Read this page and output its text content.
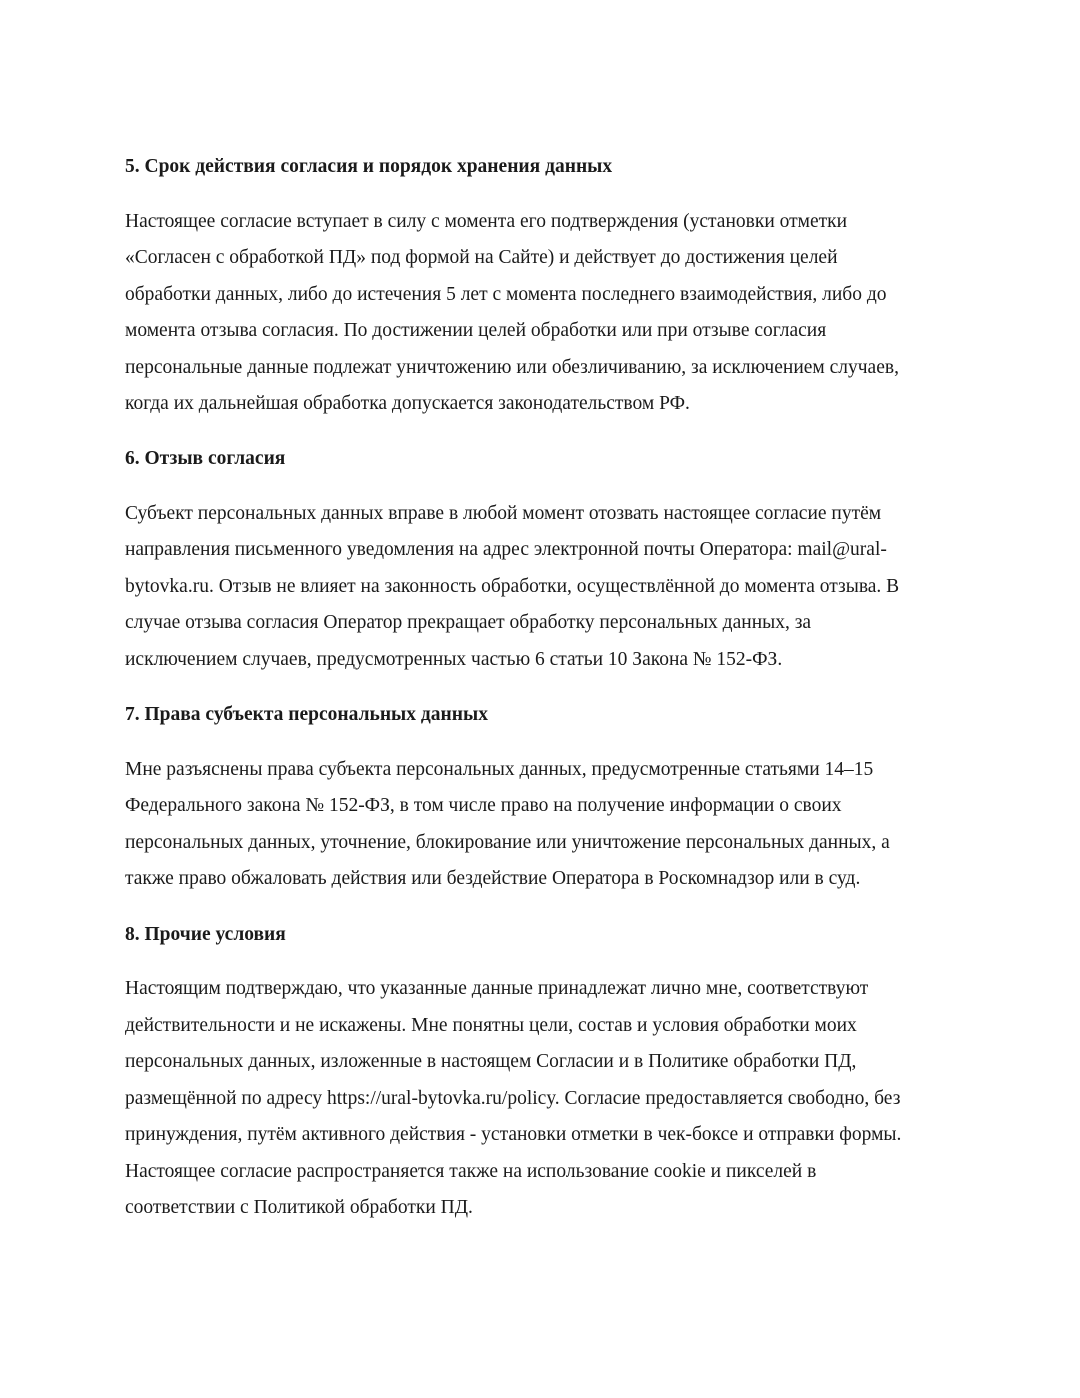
5. Срок действия согласия и порядок хранения данных

Настоящее согласие вступает в силу с момента его подтверждения (установки отметки

«Согласен с обработкой ПД» под формой на Сайте) и действует до достижения целей

обработки данных, либо до истечения 5 лет с момента последнего взаимодействия, либо до

момента отзыва согласия. По достижении целей обработки или при отзыве согласия

персональные данные подлежат уничтожению или обезличиванию, за исключением случаев,

когда их дальнейшая обработка допускается законодательством РФ.

6. Отзыв согласия

Субъект персональных данных вправе в любой момент отозвать настоящее согласие путём

направления письменного уведомления на адрес электронной почты Оператора: mail@ural-

bytovka.ru. Отзыв не влияет на законность обработки, осуществлённой до момента отзыва. В

случае отзыва согласия Оператор прекращает обработку персональных данных, за

исключением случаев, предусмотренных частью 6 статьи 10 Закона № 152-ФЗ.

7. Права субъекта персональных данных

Мне разъяснены права субъекта персональных данных, предусмотренные статьями 14–15

Федерального закона № 152-ФЗ, в том числе право на получение информации о своих

персональных данных, уточнение, блокирование или уничтожение персональных данных, а

также право обжаловать действия или бездействие Оператора в Роскомнадзор или в суд.

8. Прочие условия

Настоящим подтверждаю, что указанные данные принадлежат лично мне, соответствуют

действительности и не искажены. Мне понятны цели, состав и условия обработки моих

персональных данных, изложенные в настоящем Согласии и в Политике обработки ПД,

размещённой по адресу https://ural-bytovka.ru/policy. Согласие предоставляется свободно, без

принуждения, путём активного действия - установки отметки в чек-боксе и отправки формы.

Настоящее согласие распространяется также на использование cookie и пикселей в

соответствии с Политикой обработки ПД.
